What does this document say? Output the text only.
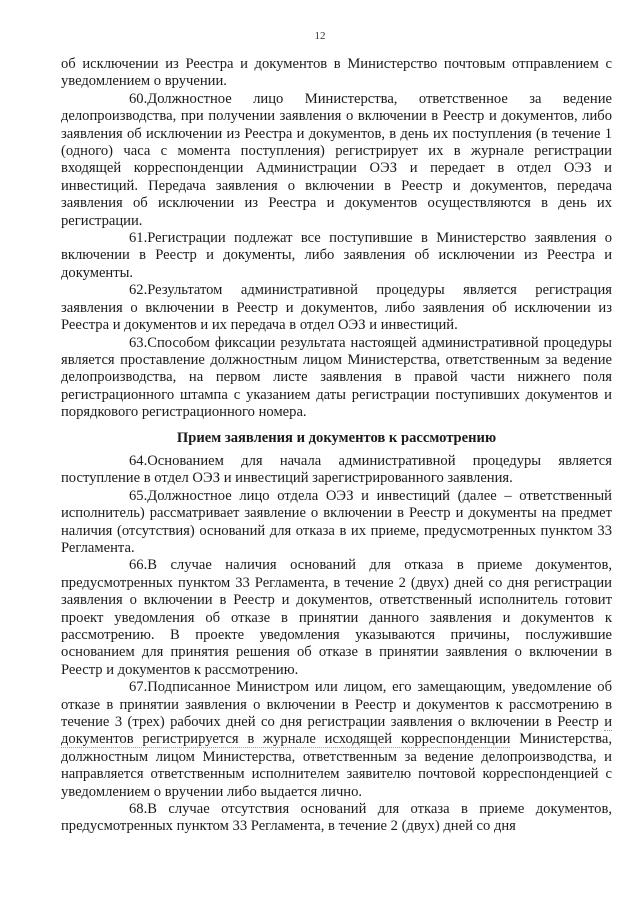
12

об исключении из Реестра и документов в Министерство почтовым отправлением с уведомлением о вручении.

60.Должностное лицо Министерства, ответственное за ведение делопроизводства, при получении заявления о включении в Реестр и документов, либо заявления об исключении из Реестра и документов, в день их поступления (в течение 1 (одного) часа с момента поступления) регистрирует их в журнале регистрации входящей корреспонденции Администрации ОЭЗ и передает в отдел ОЭЗ и инвестиций. Передача заявления о включении в Реестр и документов, передача заявления об исключении из Реестра и документов осуществляются в день их регистрации.

61.Регистрации подлежат все поступившие в Министерство заявления о включении в Реестр и документы, либо заявления об исключении из Реестра и документы.

62.Результатом административной процедуры является регистрация заявления о включении в Реестр и документов, либо заявления об исключении из Реестра и документов и их передача в отдел ОЭЗ и инвестиций.

63.Способом фиксации результата настоящей административной процедуры является проставление должностным лицом Министерства, ответственным за ведение делопроизводства, на первом листе заявления в правой части нижнего поля регистрационного штампа с указанием даты регистрации поступивших документов и порядкового регистрационного номера.

Прием заявления и документов к рассмотрению

64.Основанием для начала административной процедуры является поступление в отдел ОЭЗ и инвестиций зарегистрированного заявления.

65.Должностное лицо отдела ОЭЗ и инвестиций (далее – ответственный исполнитель) рассматривает заявление о включении в Реестр и документы на предмет наличия (отсутствия) оснований для отказа в их приеме, предусмотренных пунктом 33 Регламента.

66.В случае наличия оснований для отказа в приеме документов, предусмотренных пунктом 33 Регламента, в течение 2 (двух) дней со дня регистрации заявления о включении в Реестр и документов, ответственный исполнитель готовит проект уведомления об отказе в принятии данного заявления и документов к рассмотрению. В проекте уведомления указываются причины, послужившие основанием для принятия решения об отказе в принятии заявления о включении в Реестр и документов к рассмотрению.

67.Подписанное Министром или лицом, его замещающим, уведомление об отказе в принятии заявления о включении в Реестр и документов к рассмотрению в течение 3 (трех) рабочих дней со дня регистрации заявления о включении в Реестр и документов регистрируется в журнале исходящей корреспонденции Министерства, должностным лицом Министерства, ответственным за ведение делопроизводства, и направляется ответственным исполнителем заявителю почтовой корреспонденцией с уведомлением о вручении либо выдается лично.

68.В случае отсутствия оснований для отказа в приеме документов, предусмотренных пунктом 33 Регламента, в течение 2 (двух) дней со дня
